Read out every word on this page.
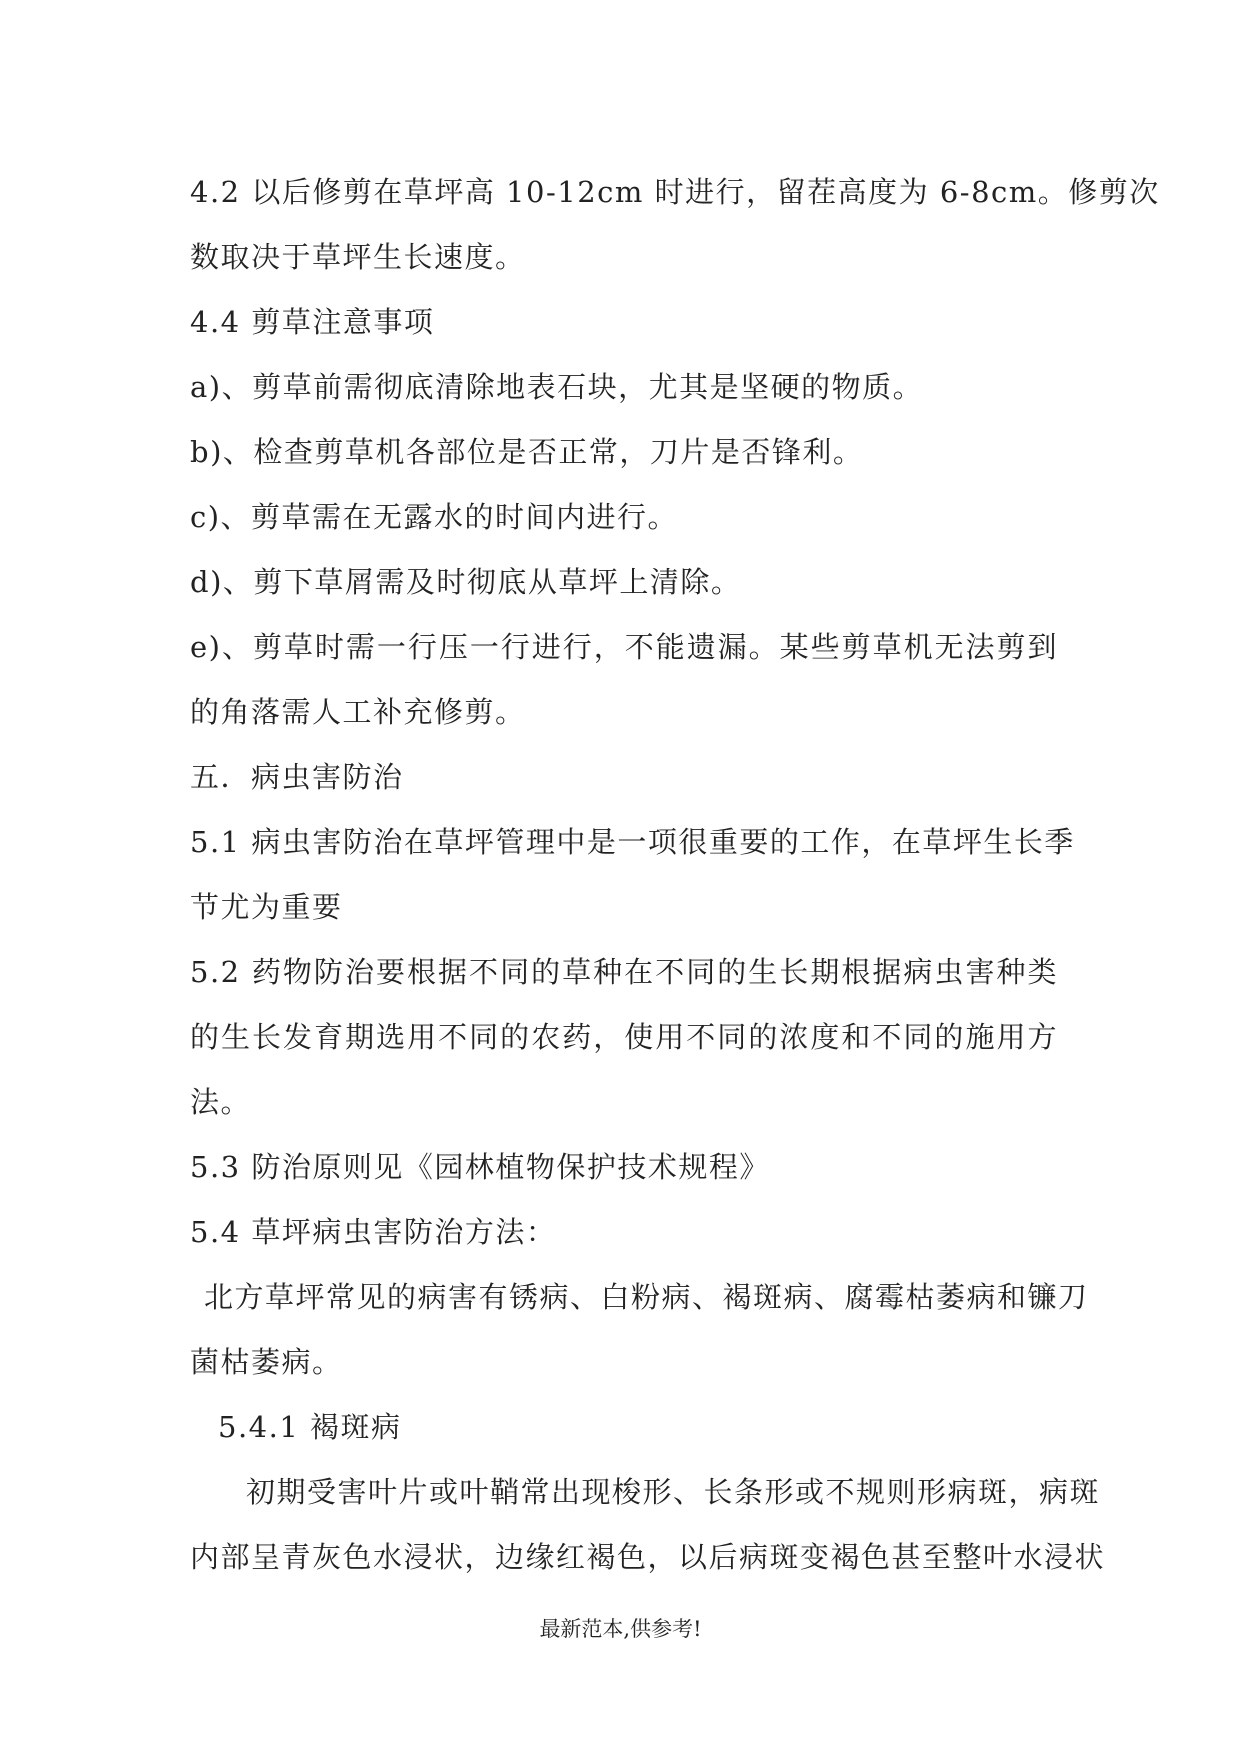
4.2 以后修剪在草坪高 10-12cm 时进行，留茬高度为 6-8cm。修剪次
数取决于草坪生长速度。
4.4 剪草注意事项
a)、剪草前需彻底清除地表石块，尤其是坚硬的物质。
b)、检查剪草机各部位是否正常，刀片是否锋利。
c)、剪草需在无露水的时间内进行。
d)、剪下草屑需及时彻底从草坪上清除。
e)、剪草时需一行压一行进行，不能遗漏。某些剪草机无法剪到
的角落需人工补充修剪。
五．病虫害防治
5.1 病虫害防治在草坪管理中是一项很重要的工作，在草坪生长季
节尤为重要
5.2 药物防治要根据不同的草种在不同的生长期根据病虫害种类
的生长发育期选用不同的农药，使用不同的浓度和不同的施用方
法。
5.3 防治原则见《园林植物保护技术规程》
5.4 草坪病虫害防治方法：
北方草坪常见的病害有锈病、白粉病、褐斑病、腐霉枯萎病和镰刀
菌枯萎病。
5.4.1 褐斑病
初期受害叶片或叶鞘常出现梭形、长条形或不规则形病斑，病斑
内部呈青灰色水浸状，边缘红褐色，以后病斑变褐色甚至整叶水浸状
最新范本,供参考!
